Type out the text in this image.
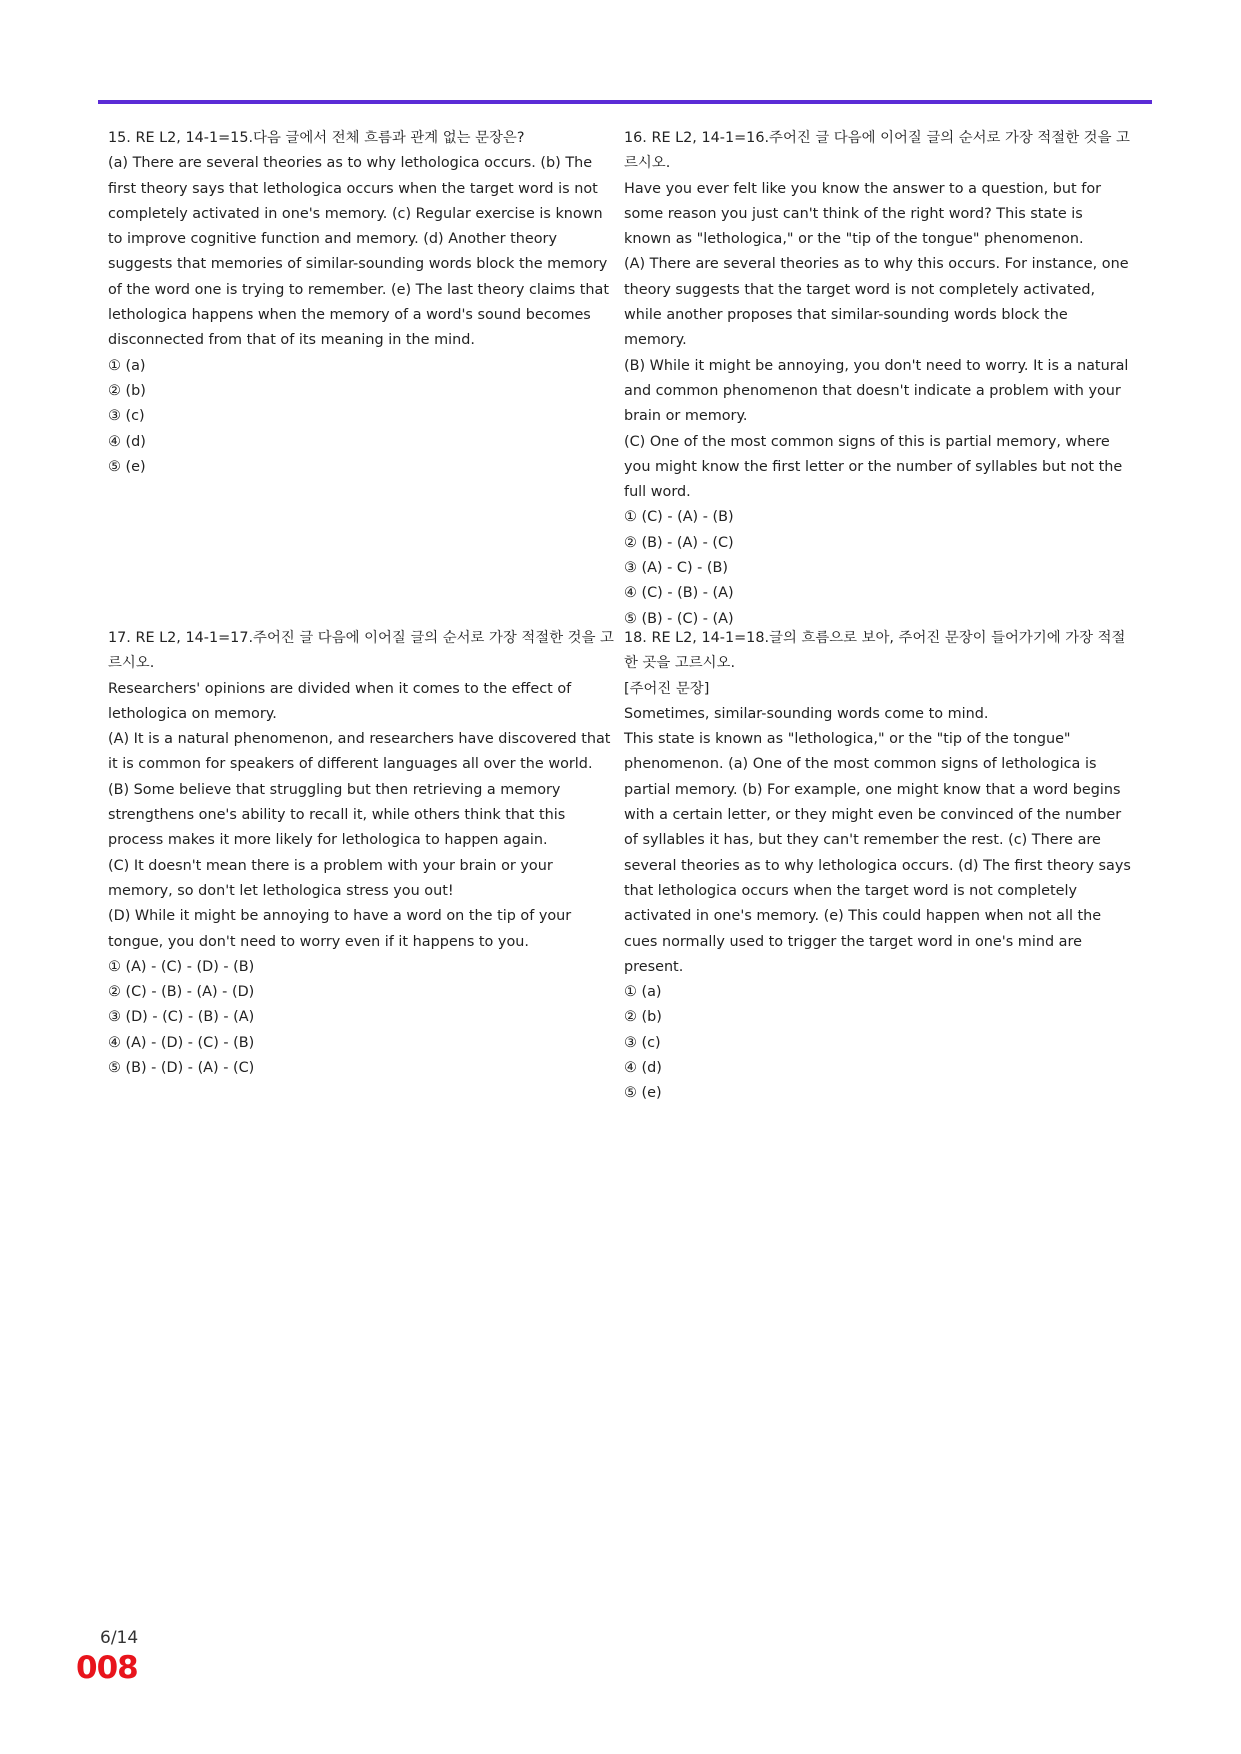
15. RE L2, 14-1=15.다음 글에서 전체 흐름과 관계 없는 문장은?

(a) There are several theories as to why lethologica occurs. (b) The first theory says that lethologica occurs when the target word is not completely activated in one's memory. (c) Regular exercise is known to improve cognitive function and memory. (d) Another theory suggests that memories of similar-sounding words block the memory of the word one is trying to remember. (e) The last theory claims that lethologica happens when the memory of a word's sound becomes disconnected from that of its meaning in the mind.

① (a)

② (b)

③ (c)

④ (d)

⑤ (e)

16. RE L2, 14-1=16.주어진 글 다음에 이어질 글의 순서로 가장 적절한 것을 고르시오.

Have you ever felt like you know the answer to a question, but for some reason you just can't think of the right word? This state is known as "lethologica," or the "tip of the tongue" phenomenon.

(A) There are several theories as to why this occurs. For instance, one theory suggests that the target word is not completely activated, while another proposes that similar-sounding words block the memory.

(B) While it might be annoying, you don't need to worry. It is a natural and common phenomenon that doesn't indicate a problem with your brain or memory.

(C) One of the most common signs of this is partial memory, where you might know the first letter or the number of syllables but not the full word.

① (C) - (A) - (B)

② (B) - (A) - (C)

③ (A) - C) - (B)

④ (C) - (B) - (A)

⑤ (B) - (C) - (A)

17. RE L2, 14-1=17.주어진 글 다음에 이어질 글의 순서로 가장 적절한 것을 고르시오.

Researchers' opinions are divided when it comes to the effect of lethologica on memory.

(A) It is a natural phenomenon, and researchers have discovered that it is common for speakers of different languages all over the world.

(B) Some believe that struggling but then retrieving a memory strengthens one's ability to recall it, while others think that this process makes it more likely for lethologica to happen again.

(C) It doesn't mean there is a problem with your brain or your memory, so don't let lethologica stress you out!

(D) While it might be annoying to have a word on the tip of your tongue, you don't need to worry even if it happens to you.

① (A) - (C) - (D) - (B)

② (C) - (B) - (A) - (D)

③ (D) - (C) - (B) - (A)

④ (A) - (D) - (C) - (B)

⑤ (B) - (D) - (A) - (C)

18. RE L2, 14-1=18.글의 흐름으로 보아, 주어진 문장이 들어가기에 가장 적절한 곳을 고르시오.

[주어진 문장]

Sometimes, similar-sounding words come to mind.

This state is known as "lethologica," or the "tip of the tongue" phenomenon. (a) One of the most common signs of lethologica is partial memory. (b) For example, one might know that a word begins with a certain letter, or they might even be convinced of the number of syllables it has, but they can't remember the rest. (c) There are several theories as to why lethologica occurs. (d) The first theory says that lethologica occurs when the target word is not completely activated in one's memory. (e) This could happen when not all the cues normally used to trigger the target word in one's mind are present.

① (a)

② (b)

③ (c)

④ (d)

⑤ (e)

6/14
008
